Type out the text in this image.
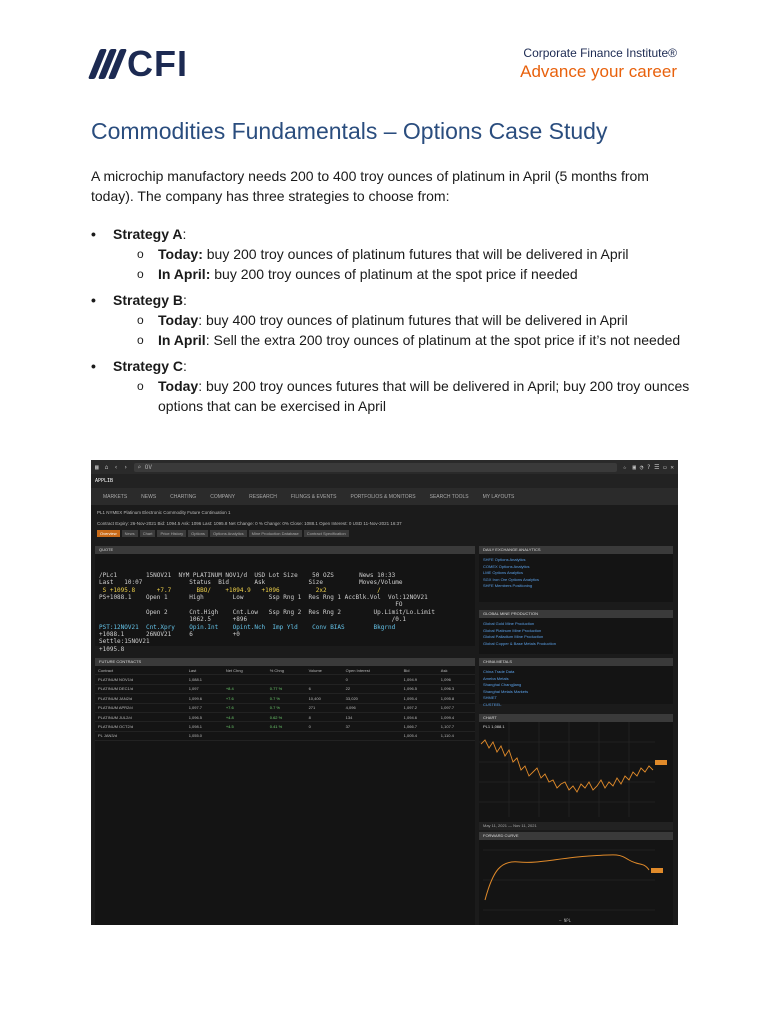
CFI	Corporate Finance Institute®
Advance your career
Commodities Fundamentals – Options Case Study

A microchip manufactory needs 200 to 400 troy ounces of platinum in April (5 months from today). The company has three strategies to choose from:

• Strategy A:
o Today: buy 200 troy ounces of platinum futures that will be delivered in April
o In April: buy 200 troy ounces of platinum at the spot price if needed
• Strategy B:
o Today: buy 400 troy ounces of platinum futures that will be delivered in April
o In April: Sell the extra 200 troy ounces of platinum at the spot price if it’s not needed
• Strategy C:
o Today: buy 200 troy ounces futures that will be delivered in April; buy 200 troy ounces options that can be exercised in April
▦ ⌂ ‹ ›	⌕ OV	☆ ▣ ◔ ? ☰ ▭ ✕
APPLIB
MARKETS	NEWS	CHARTING	COMPANY	RESEARCH	FILINGS & EVENTS	PORTFOLIOS & MONITORS	SEARCH TOOLS	MY LAYOUTS
PL1 NYMEX Platinum Electronic Commodity Future Continuation 1
Contract Expiry: 26-Nov-2021 Bid: 1094.5 Ask: 1096 Last: 1095.8 Net Change: 0 % Change: 0% Close: 1088.1 Open Interest: 0 USD 11-Nov-2021 16:37
Overview	News	Chart	Price History	Options	Options Analytics	Mine Production Database	Contract Specification

QUOTE

/PLc1        15NOV21  NYM PLATINUM NOV1/d  USD Lot Size    50 OZS       News 10:33
Last   10:07             Status  Bid       Ask            Size          Moves/Volume
S +1095.8      +7.7       BBO/    +1094.9   +1096          2x2              /
PS+1088.1    Open 1      High        Low       Ssp Rng 1  Res Rng 1 AccBlk.Vol  Vol:12NOV21
FO
Open 2      Cnt.High    Cnt.Low   Ssp Rng 2  Res Rng 2         Up.Limit/Lo.Limit
1062.5      +896                                        /0.1
PST:12NOV21  Cnt.Xpry    Opin.Int    Opint.Nch  Imp Yld    Conv BIAS        Bkgrnd
+1088.1      26NOV21     6           +0
Settle:15NOV21
+1095.8

FUTURE CONTRACTS
Contract		Last	Net Chng	% Chng	Volume	Open Interest	Bid	Ask
PLATINUM NOV1/d		1,088.1				0	1,094.9	1,096
PLATINUM DEC1/d		1,097	+8.4	0.77 %	6	22	1,096.5	1,096.3
PLATINUM JAN2/d		1,099.6	+7.6	0.7 %	10,400	33,020	1,095.4	1,095.8
PLATINUM APR2/d		1,097.7	+7.6	0.7 %	271	4,096	1,097.2	1,097.7
PLATINUM JUL2/d		1,096.5	+4.8	0.62 %	8	134	1,094.6	1,099.4
PLATINUM OCT2/d		1,098.1	+4.5	0.41 %	0	37	1,066.7	1,107.7
PL JAN3/d		1,055.0					1,005.4	1,110.4
DAILY EXCHANGE ANALYTICS
SHFE Options Analytics
COMEX Options Analytics
LME Options Analytics
SGX Iron Ore Options Analytics
SHFE Members Positioning
GLOBAL MINE PRODUCTION
Global Gold Mine Production
Global Platinum Mine Production
Global Palladium Mine Production
Global Copper & Base Metals Production
CHINA METALS
China Trade Data
Ameba Metals
Shanghai Changjiang
Shanghai Metals Markets
SHMET
CUSTEEL
CHART
PL1 1,088.1
May 11, 2021 — Nov 11, 2021
FORWARD CURVE
— NPL
